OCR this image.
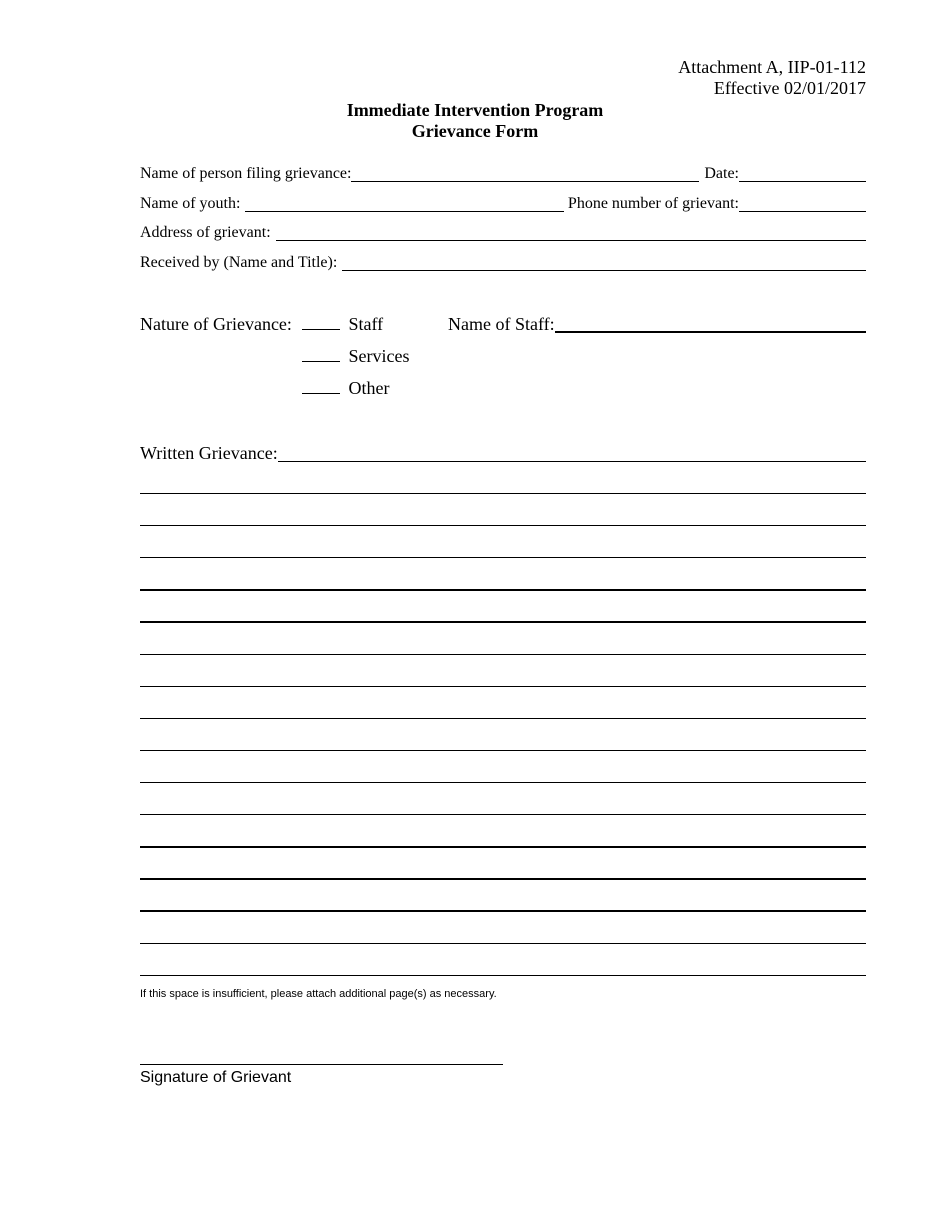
Attachment A, IIP-01-112
Effective 02/01/2017
Immediate Intervention Program
Grievance Form
Name of person filing grievance:	Date:
Name of youth:	Phone number of grievant:
Address of grievant:
Received by (Name and Title):
Nature of Grievance:	Staff
Services
Other
Name of Staff:
Written Grievance:
If this space is insufficient, please attach additional page(s) as necessary.
Signature of Grievant
